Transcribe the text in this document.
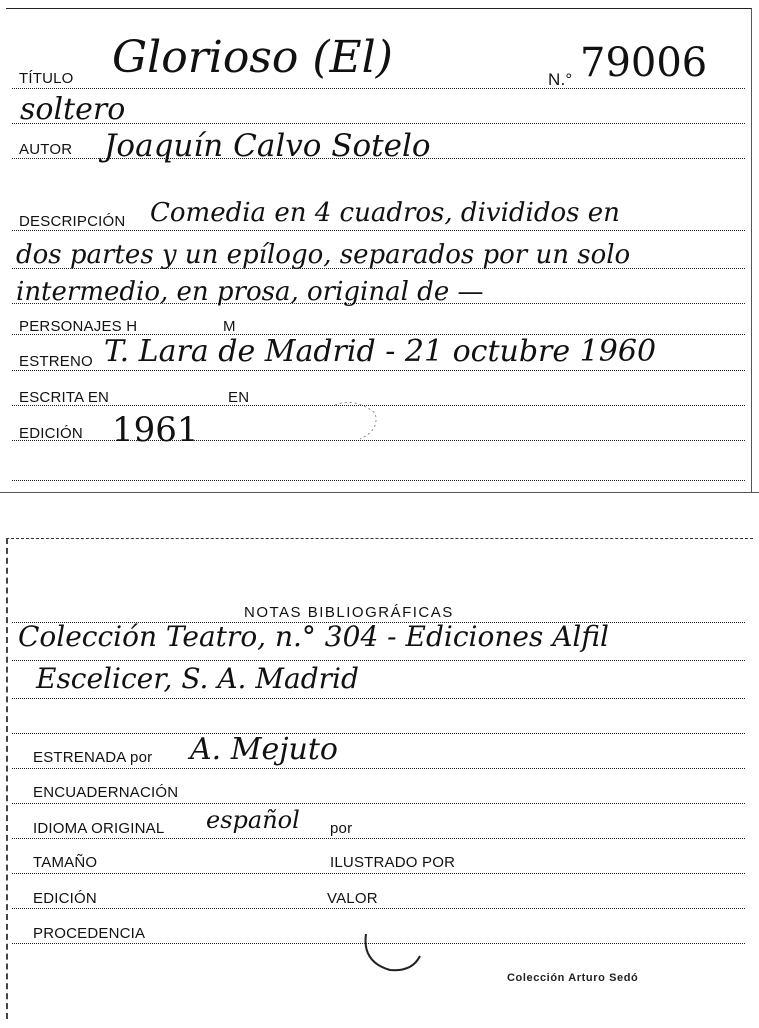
TÍTULO Glorioso (El)	N.° 79006
soltero
AUTOR Joaquín Calvo Sotelo
DESCRIPCIÓN Comedia en 4 cuadros, divididos en
dos partes y un epílogo, separados por un solo
intermedio, en prosa, original de —
PERSONAJES H	M
ESTRENO T. Lara de Madrid - 21 octubre 1960
ESCRITA EN	EN
EDICIÓN 1961
NOTAS BIBLIOGRÁFICAS
Colección Teatro, n.° 304 - Ediciones Alfil
Escelicer, S. A. Madrid
ESTRENADA por A. Mejuto
ENCUADERNACIÓN
IDIOMA ORIGINAL español por
TAMAÑO	ILUSTRADO POR
EDICIÓN	VALOR
PROCEDENCIA
Colección Arturo Sedó
